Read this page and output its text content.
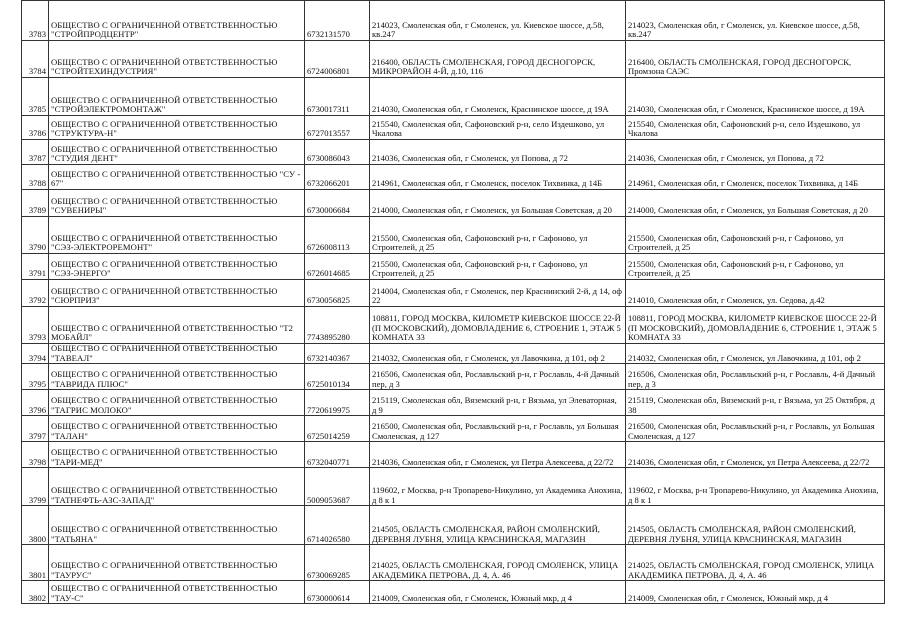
3783	ОБЩЕСТВО С ОГРАНИЧЕННОЙ ОТВЕТСТВЕННОСТЬЮ "СТРОЙПРОДЦЕНТР"	6732131570	214023, Смоленская обл, г Смоленск, ул. Киевское шоссе, д.58, кв.247	214023, Смоленская обл, г Смоленск, ул. Киевское шоссе, д.58, кв.247
3784	ОБЩЕСТВО С ОГРАНИЧЕННОЙ ОТВЕТСТВЕННОСТЬЮ "СТРОЙТЕХИНДУСТРИЯ"	6724006801	216400, ОБЛАСТЬ СМОЛЕНСКАЯ, ГОРОД ДЕСНОГОРСК, МИКРОРАЙОН 4-Й, д.10, 116	216400, ОБЛАСТЬ СМОЛЕНСКАЯ, ГОРОД ДЕСНОГОРСК, Промзона САЭС
3785	ОБЩЕСТВО С ОГРАНИЧЕННОЙ ОТВЕТСТВЕННОСТЬЮ "СТРОЙЭЛЕКТРОМОНТАЖ"	6730017311	214030, Смоленская обл, г Смоленск, Краснинское шоссе, д 19А	214030, Смоленская обл, г Смоленск, Краснинское шоссе, д 19А
3786	ОБЩЕСТВО С ОГРАНИЧЕННОЙ ОТВЕТСТВЕННОСТЬЮ "СТРУКТУРА-Н"	6727013557	215540, Смоленская обл, Сафоновский р-н, село Издешково, ул Чкалова	215540, Смоленская обл, Сафоновский р-н, село Издешково, ул Чкалова
3787	ОБЩЕСТВО С ОГРАНИЧЕННОЙ ОТВЕТСТВЕННОСТЬЮ "СТУДИЯ ДЕНТ"	6730086043	214036, Смоленская обл, г Смоленск, ул Попова, д 72	214036, Смоленская обл, г Смоленск, ул Попова, д 72
3788	ОБЩЕСТВО С ОГРАНИЧЕННОЙ ОТВЕТСТВЕННОСТЬЮ "СУ - 67"	6732066201	214961, Смоленская обл, г Смоленск, поселок Тихвинка, д 14Б	214961, Смоленская обл, г Смоленск, поселок Тихвинка, д 14Б
3789	ОБЩЕСТВО С ОГРАНИЧЕННОЙ ОТВЕТСТВЕННОСТЬЮ "СУВЕНИРЫ"	6730006684	214000, Смоленская обл, г Смоленск, ул Большая Советская, д 20	214000, Смоленская обл, г Смоленск, ул Большая Советская, д 20
3790	ОБЩЕСТВО С ОГРАНИЧЕННОЙ ОТВЕТСТВЕННОСТЬЮ "СЭЗ-ЭЛЕКТРОРЕМОНТ"	6726008113	215500, Смоленская обл, Сафоновский р-н, г Сафоново, ул Строителей, д 25	215500, Смоленская обл, Сафоновский р-н, г Сафоново, ул Строителей, д 25
3791	ОБЩЕСТВО С ОГРАНИЧЕННОЙ ОТВЕТСТВЕННОСТЬЮ "СЭЗ-ЭНЕРГО"	6726014685	215500, Смоленская обл, Сафоновский р-н, г Сафоново, ул Строителей, д 25	215500, Смоленская обл, Сафоновский р-н, г Сафоново, ул Строителей, д 25
3792	ОБЩЕСТВО С ОГРАНИЧЕННОЙ ОТВЕТСТВЕННОСТЬЮ "СЮРПРИЗ"	6730056825	214004, Смоленская обл, г Смоленск, пер Краснинский 2-й, д 14, оф 22	214010, Смоленская обл, г Смоленск, ул. Седова, д.42
3793	ОБЩЕСТВО С ОГРАНИЧЕННОЙ ОТВЕТСТВЕННОСТЬЮ "Т2 МОБАЙЛ"	7743895280	108811, ГОРОД МОСКВА, КИЛОМЕТР КИЕВСКОЕ ШОССЕ 22-Й (П МОСКОВСКИЙ), ДОМОВЛАДЕНИЕ 6, СТРОЕНИЕ 1, ЭТАЖ 5 КОМНАТА 33	108811, ГОРОД МОСКВА, КИЛОМЕТР КИЕВСКОЕ ШОССЕ 22-Й (П МОСКОВСКИЙ), ДОМОВЛАДЕНИЕ 6, СТРОЕНИЕ 1, ЭТАЖ 5 КОМНАТА 33
3794	ОБЩЕСТВО С ОГРАНИЧЕННОЙ ОТВЕТСТВЕННОСТЬЮ "ТАВЕАЛ"	6732140367	214032, Смоленская обл, г Смоленск, ул Лавочкина, д 101, оф 2	214032, Смоленская обл, г Смоленск, ул Лавочкина, д 101, оф 2
3795	ОБЩЕСТВО С ОГРАНИЧЕННОЙ ОТВЕТСТВЕННОСТЬЮ "ТАВРИДА ПЛЮС"	6725010134	216506, Смоленская обл, Рославльский р-н, г Рославль, 4-й Дачный пер, д 3	216506, Смоленская обл, Рославльский р-н, г Рославль, 4-й Дачный пер, д 3
3796	ОБЩЕСТВО С ОГРАНИЧЕННОЙ ОТВЕТСТВЕННОСТЬЮ "ТАГРИС МОЛОКО"	7720619975	215119, Смоленская обл, Вяземский р-н, г Вязьма, ул Элеваторная, д 9	215119, Смоленская обл, Вяземский р-н, г Вязьма, ул 25 Октября, д 38
3797	ОБЩЕСТВО С ОГРАНИЧЕННОЙ ОТВЕТСТВЕННОСТЬЮ "ТАЛАН"	6725014259	216500, Смоленская обл, Рославльский р-н, г Рославль, ул Большая Смоленская, д 127	216500, Смоленская обл, Рославльский р-н, г Рославль, ул Большая Смоленская, д 127
3798	ОБЩЕСТВО С ОГРАНИЧЕННОЙ ОТВЕТСТВЕННОСТЬЮ "ТАРИ-МЕД"	6732040771	214036, Смоленская обл, г Смоленск, ул Петра Алексеева, д 22/72	214036, Смоленская обл, г Смоленск, ул Петра Алексеева, д 22/72
3799	ОБЩЕСТВО С ОГРАНИЧЕННОЙ ОТВЕТСТВЕННОСТЬЮ "ТАТНЕФТЬ-АЗС-ЗАПАД"	5009053687	119602, г Москва, р-н Тропарево-Никулино, ул Академика Анохина, д 8 к 1	119602, г Москва, р-н Тропарево-Никулино, ул Академика Анохина, д 8 к 1
3800	ОБЩЕСТВО С ОГРАНИЧЕННОЙ ОТВЕТСТВЕННОСТЬЮ "ТАТЬЯНА"	6714026580	214505, ОБЛАСТЬ СМОЛЕНСКАЯ, РАЙОН СМОЛЕНСКИЙ, ДЕРЕВНЯ ЛУБНЯ, УЛИЦА КРАСНИНСКАЯ, МАГАЗИН	214505, ОБЛАСТЬ СМОЛЕНСКАЯ, РАЙОН СМОЛЕНСКИЙ, ДЕРЕВНЯ ЛУБНЯ, УЛИЦА КРАСНИНСКАЯ, МАГАЗИН
3801	ОБЩЕСТВО С ОГРАНИЧЕННОЙ ОТВЕТСТВЕННОСТЬЮ "ТАУРУС"	6730069285	214025, ОБЛАСТЬ СМОЛЕНСКАЯ, ГОРОД СМОЛЕНСК, УЛИЦА АКАДЕМИКА ПЕТРОВА, Д. 4, А. 46	214025, ОБЛАСТЬ СМОЛЕНСКАЯ, ГОРОД СМОЛЕНСК, УЛИЦА АКАДЕМИКА ПЕТРОВА, Д. 4, А. 46
3802	ОБЩЕСТВО С ОГРАНИЧЕННОЙ ОТВЕТСТВЕННОСТЬЮ "ТАУ-С"	6730000614	214009, Смоленская обл, г Смоленск, Южный мкр, д 4	214009, Смоленская обл, г Смоленск, Южный мкр, д 4
